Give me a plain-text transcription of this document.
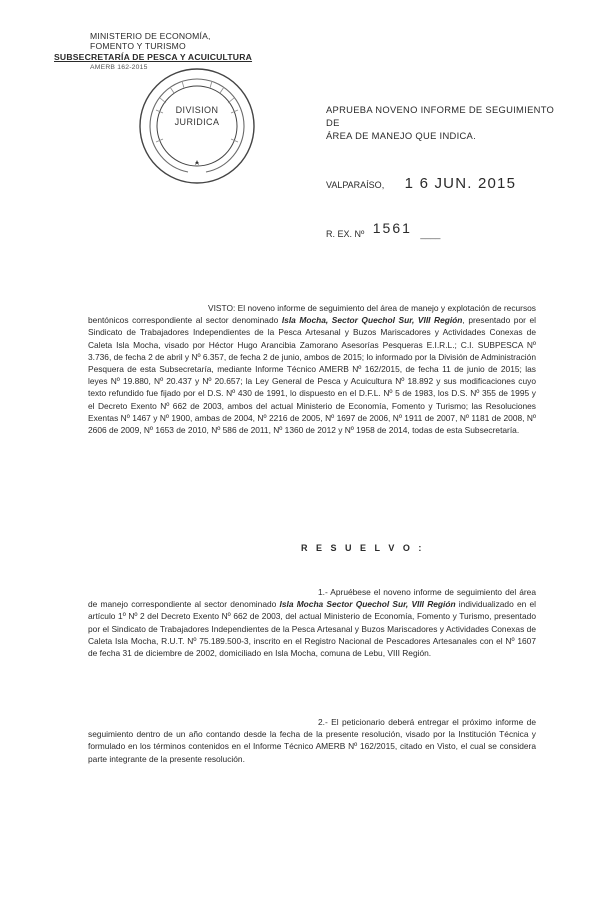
MINISTERIO DE ECONOMÍA,
FOMENTO Y TURISMO
SUBSECRETARÍA DE PESCA Y ACUICULTURA
AMERB 162-2015
DIVISION
JURIDICA
APRUEBA NOVENO INFORME DE SEGUIMIENTO DE
ÁREA DE MANEJO QUE INDICA.
VALPARAÍSO, 1 6 JUN. 2015
R. EX. Nº 1561 ____
VISTO: El noveno informe de seguimiento del área de manejo y explotación de recursos bentónicos correspondiente al sector denominado Isla Mocha, Sector Quechol Sur, VIII Región, presentado por el Sindicato de Trabajadores Independientes de la Pesca Artesanal y Buzos Mariscadores y Actividades Conexas de Caleta Isla Mocha, visado por Héctor Hugo Arancibia Zamorano Asesorías Pesqueras E.I.R.L.; C.I. SUBPESCA Nº 3.736, de fecha 2 de abril y Nº 6.357, de fecha 2 de junio, ambos de 2015; lo informado por la División de Administración Pesquera de esta Subsecretaría, mediante Informe Técnico AMERB Nº 162/2015, de fecha 11 de junio de 2015; las leyes Nº 19.880, Nº 20.437 y Nº 20.657; la Ley General de Pesca y Acuicultura Nº 18.892 y sus modificaciones cuyo texto refundido fue fijado por el D.S. Nº 430 de 1991, lo dispuesto en el D.F.L. Nº 5 de 1983, los D.S. Nº 355 de 1995 y el Decreto Exento Nº 662 de 2003, ambos del actual Ministerio de Economía, Fomento y Turismo; las Resoluciones Exentas Nº 1467 y Nº 1900, ambas de 2004, Nº 2216 de 2005, Nº 1697 de 2006, Nº 1911 de 2007, Nº 1181 de 2008, Nº 2606 de 2009, Nº 1653 de 2010, Nº 586 de 2011, Nº 1360 de 2012 y Nº 1958 de 2014, todas de esta Subsecretaría.
R E S U E L V O :
1.- Apruébese el noveno informe de seguimiento del área de manejo correspondiente al sector denominado Isla Mocha Sector Quechol Sur, VIII Región individualizado en el artículo 1º Nº 2 del Decreto Exento Nº 662 de 2003, del actual Ministerio de Economía, Fomento y Turismo, presentado por el Sindicato de Trabajadores Independientes de la Pesca Artesanal y Buzos Mariscadores y Actividades Conexas de Caleta Isla Mocha, R.U.T. Nº 75.189.500-3, inscrito en el Registro Nacional de Pescadores Artesanales con el Nº 1607 de fecha 31 de diciembre de 2002, domiciliado en Isla Mocha, comuna de Lebu, VIII Región.
2.- El peticionario deberá entregar el próximo informe de seguimiento dentro de un año contando desde la fecha de la presente resolución, visado por la Institución Técnica y formulado en los términos contenidos en el Informe Técnico AMERB Nº 162/2015, citado en Visto, el cual se considera parte integrante de la presente resolución.
